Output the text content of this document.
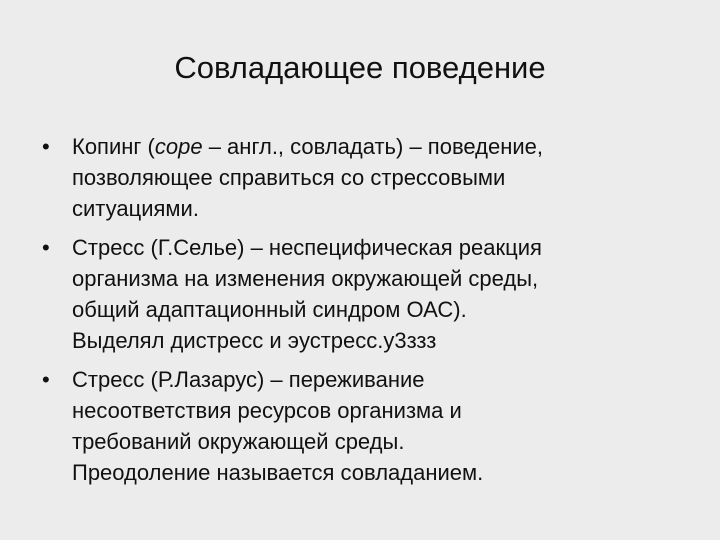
Совладающее поведение
•	Копинг (cope – англ., совладать) – поведение,
позволяющее справиться со стрессовыми
ситуациями.
•	Стресс (Г.Селье) – неспецифическая реакция
организма на изменения окружающей среды,
общий адаптационный синдром ОАС).
Выделял дистресс и эустресс.у3ззз
•	Стресс (Р.Лазарус) – переживание
несоответствия ресурсов организма и
требований окружающей среды.
Преодоление называется совладанием.
